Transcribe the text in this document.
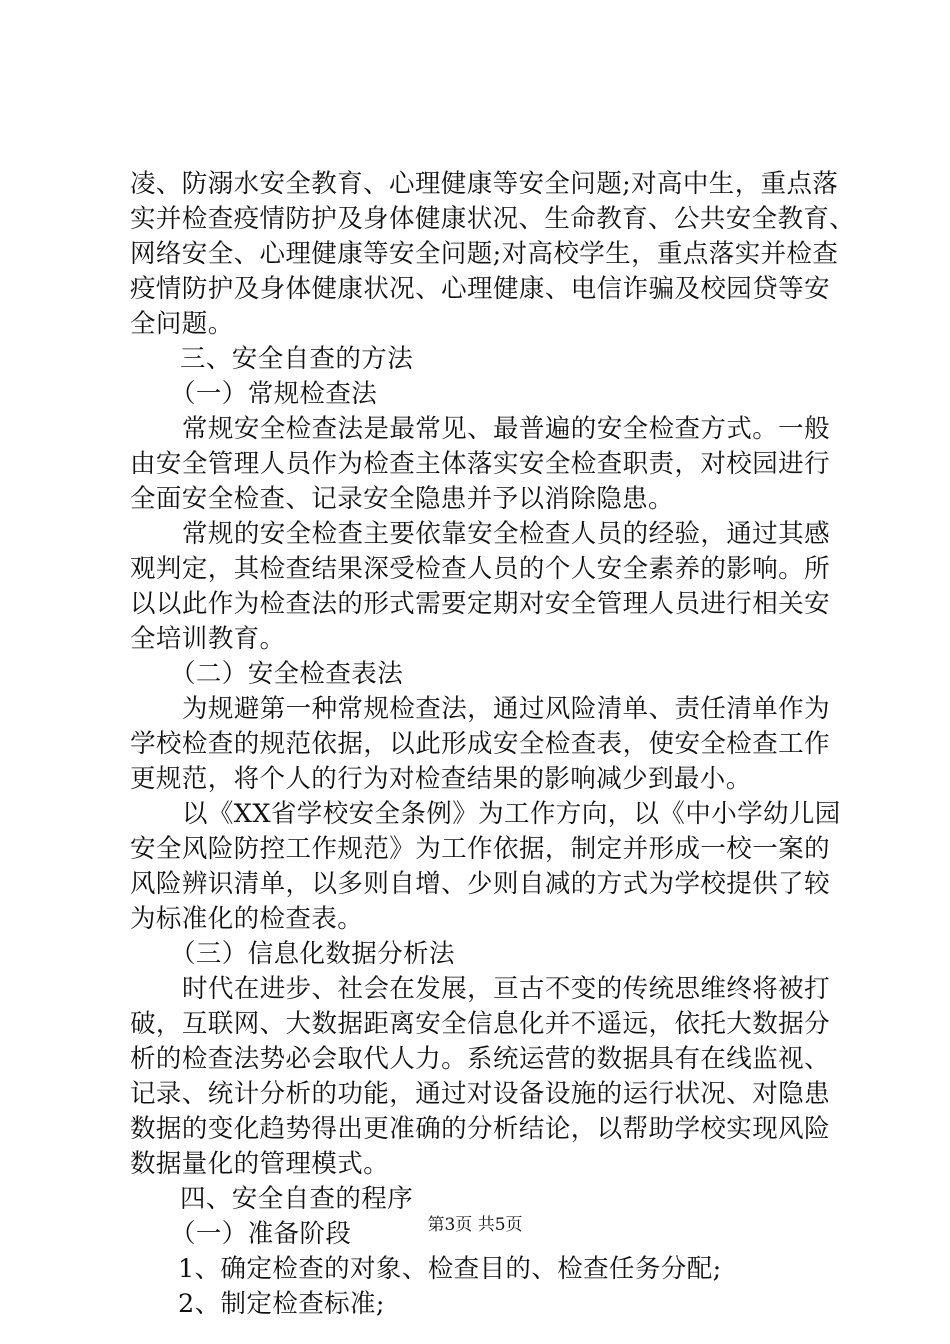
凌、防溺水安全教育、心理健康等安全问题;对高中生，重点落
实并检查疫情防护及身体健康状况、生命教育、公共安全教育、
网络安全、心理健康等安全问题;对高校学生，重点落实并检查
疫情防护及身体健康状况、心理健康、电信诈骗及校园贷等安
全问题。
三、安全自查的方法
（一）常规检查法
常规安全检查法是最常见、最普遍的安全检查方式。一般
由安全管理人员作为检查主体落实安全检查职责，对校园进行
全面安全检查、记录安全隐患并予以消除隐患。
常规的安全检查主要依靠安全检查人员的经验，通过其感
观判定，其检查结果深受检查人员的个人安全素养的影响。所
以以此作为检查法的形式需要定期对安全管理人员进行相关安
全培训教育。
（二）安全检查表法
为规避第一种常规检查法，通过风险清单、责任清单作为
学校检查的规范依据，以此形成安全检查表，使安全检查工作
更规范，将个人的行为对检查结果的影响减少到最小。
以《XX省学校安全条例》为工作方向，以《中小学幼儿园
安全风险防控工作规范》为工作依据，制定并形成一校一案的
风险辨识清单，以多则自增、少则自减的方式为学校提供了较
为标准化的检查表。
（三）信息化数据分析法
时代在进步、社会在发展，亘古不变的传统思维终将被打
破，互联网、大数据距离安全信息化并不遥远，依托大数据分
析的检查法势必会取代人力。系统运营的数据具有在线监视、
记录、统计分析的功能，通过对设备设施的运行状况、对隐患
数据的变化趋势得出更准确的分析结论，以帮助学校实现风险
数据量化的管理模式。
四、安全自查的程序
（一）准备阶段
1、确定检查的对象、检查目的、检查任务分配;
2、制定检查标准;
第3页 共5页
